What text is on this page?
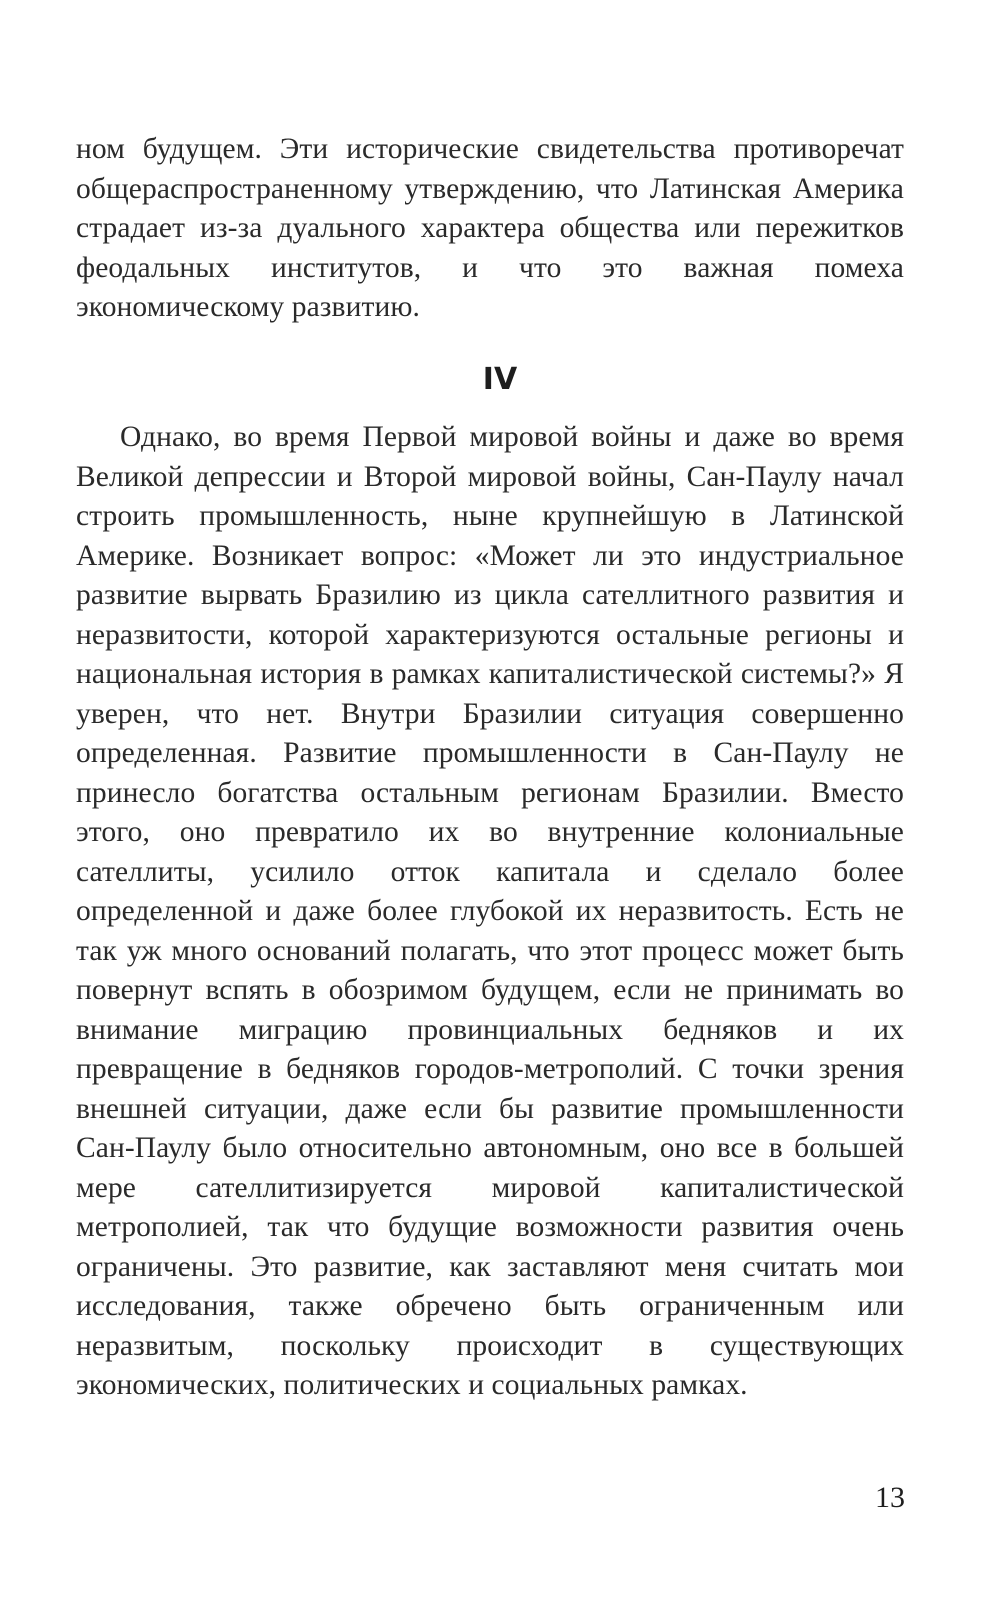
ном будущем. Эти исторические свидетельства противоречат общераспространенному утверждению, что Латинская Америка страдает из-за дуального характера общества или пережитков феодальных институтов, и что это важная помеха экономическому развитию.

IV

Однако, во время Первой мировой войны и даже во время Великой депрессии и Второй мировой войны, Сан-Паулу начал строить промышленность, ныне крупнейшую в Латинской Америке. Возникает вопрос: «Может ли это индустриальное развитие вырвать Бразилию из цикла сателлитного развития и неразвитости, которой характеризуются остальные регионы и национальная история в рамках капиталистической системы?» Я уверен, что нет. Внутри Бразилии ситуация совершенно определенная. Развитие промышленности в Сан-Паулу не принесло богатства остальным регионам Бразилии. Вместо этого, оно превратило их во внутренние колониальные сателлиты, усилило отток капитала и сделало более определенной и даже более глубокой их неразвитость. Есть не так уж много оснований полагать, что этот процесс может быть повернут вспять в обозримом будущем, если не принимать во внимание миграцию провинциальных бедняков и их превращение в бедняков городов-метрополий. С точки зрения внешней ситуации, даже если бы развитие промышленности Сан-Паулу было относительно автономным, оно все в большей мере сателлитизируется мировой капиталистической метрополией, так что будущие возможности развития очень ограничены. Это развитие, как заставляют меня считать мои исследования, также обречено быть ограниченным или неразвитым, поскольку происходит в существующих экономических, политических и социальных рамках.

13
